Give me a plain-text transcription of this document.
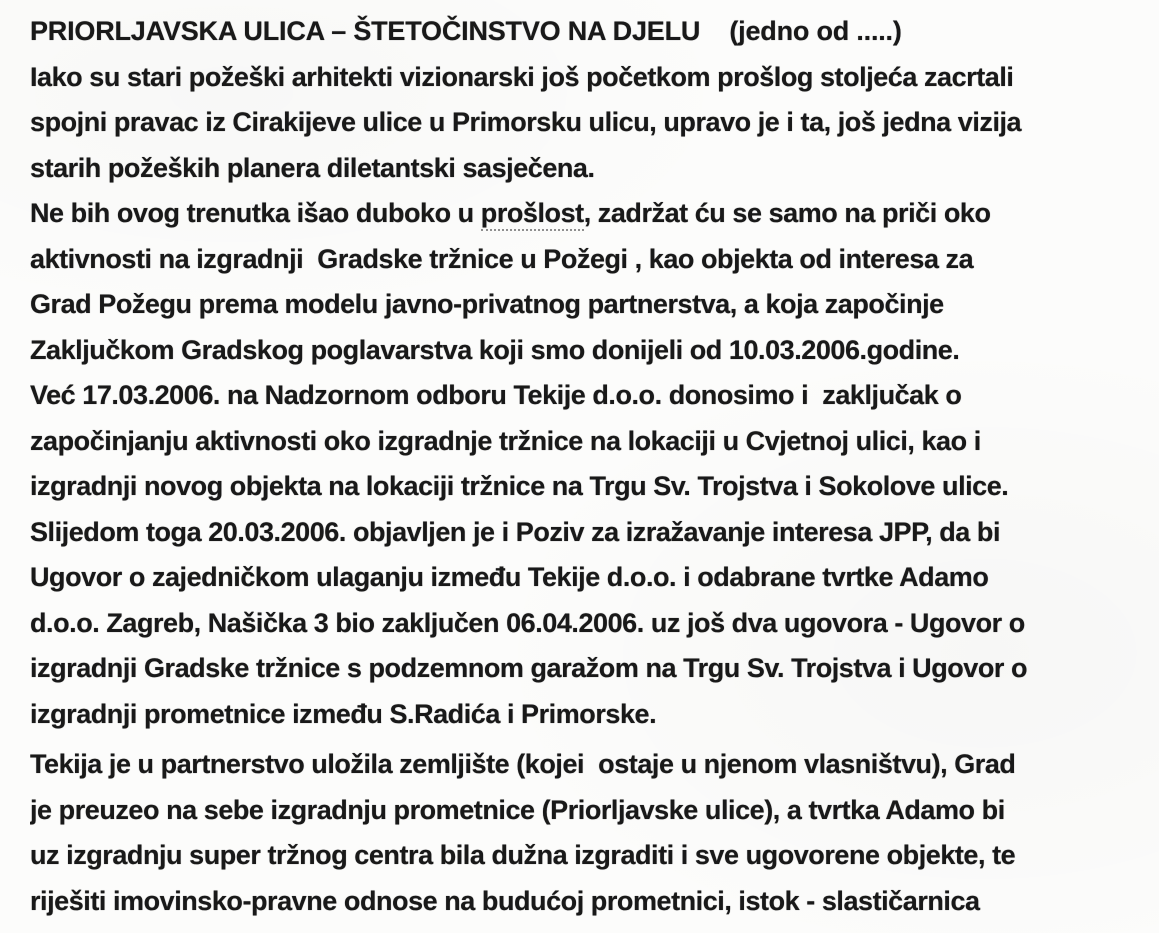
PRIORLJAVSKA ULICA – ŠTETOČINSTVO NA DJELU    (jedno od .....)
Iako su stari požeški arhitekti vizionarski još početkom prošlog stoljeća zacrtali
spojni pravac iz Cirakijeve ulice u Primorsku ulicu, upravo je i ta, još jedna vizija
starih požeških planera diletantski sasječena.
Ne bih ovog trenutka išao duboko u prošlost, zadržat ću se samo na priči oko
aktivnosti na izgradnji  Gradske tržnice u Požegi , kao objekta od interesa za
Grad Požegu prema modelu javno-privatnog partnerstva, a koja započinje
Zaključkom Gradskog poglavarstva koji smo donijeli od 10.03.2006.godine.
Već 17.03.2006. na Nadzornom odboru Tekije d.o.o. donosimo i  zaključak o
započinjanju aktivnosti oko izgradnje tržnice na lokaciji u Cvjetnoj ulici, kao i
izgradnji novog objekta na lokaciji tržnice na Trgu Sv. Trojstva i Sokolove ulice.
Slijedom toga 20.03.2006. objavljen je i Poziv za izražavanje interesa JPP, da bi
Ugovor o zajedničkom ulaganju između Tekije d.o.o. i odabrane tvrtke Adamo
d.o.o. Zagreb, Našička 3 bio zaključen 06.04.2006. uz još dva ugovora - Ugovor o
izgradnji Gradske tržnice s podzemnom garažom na Trgu Sv. Trojstva i Ugovor o
izgradnji prometnice između S.Radića i Primorske.
Tekija je u partnerstvo uložila zemljište (kojei  ostaje u njenom vlasništvu), Grad
je preuzeo na sebe izgradnju prometnice (Priorljavske ulice), a tvrtka Adamo bi
uz izgradnju super tržnog centra bila dužna izgraditi i sve ugovorene objekte, te
riješiti imovinsko-pravne odnose na budućoj prometnici, istok - slastičarnica
